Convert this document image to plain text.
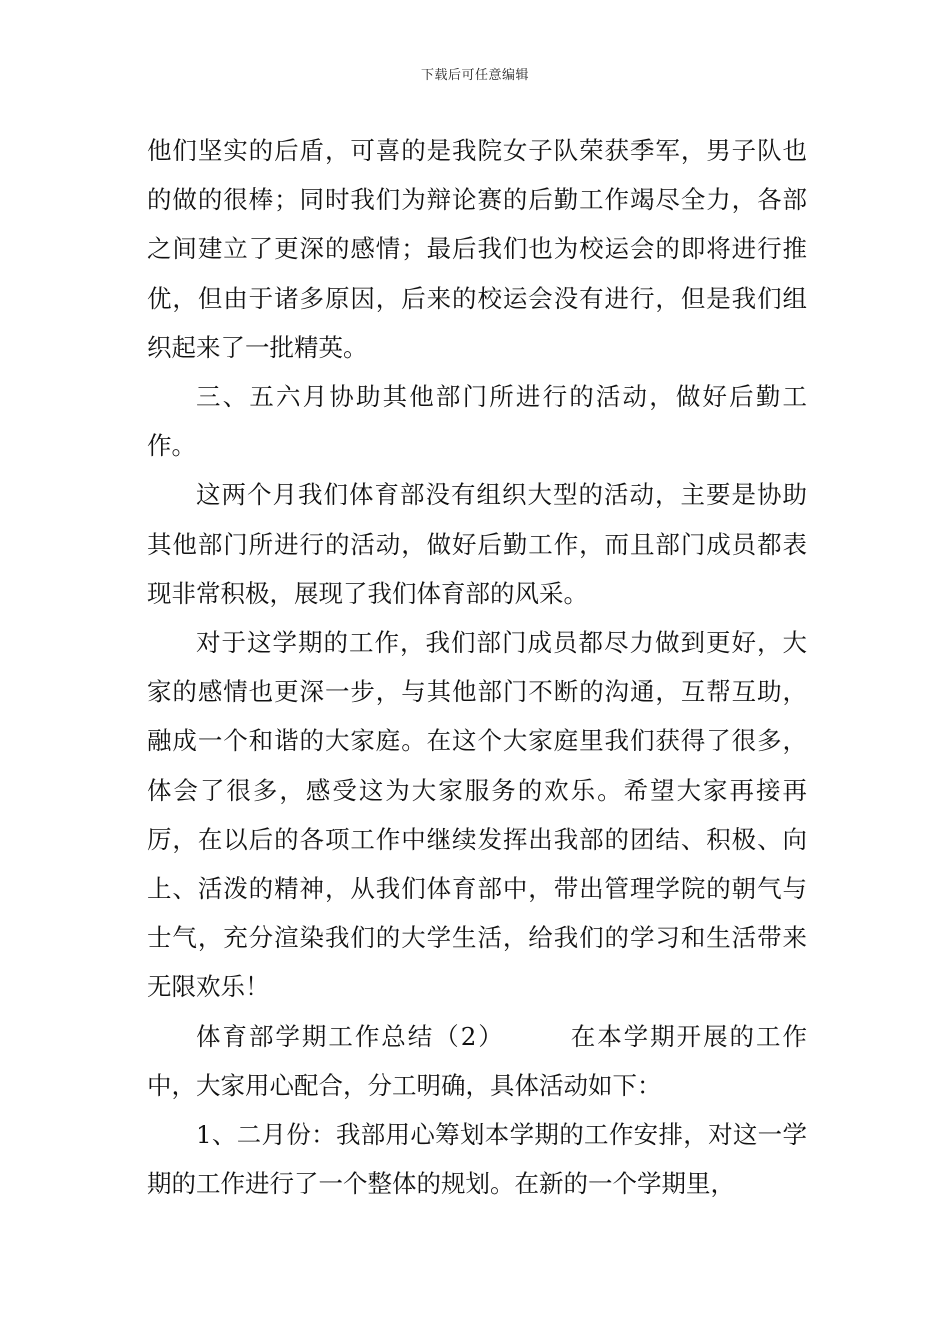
下载后可任意编辑

他们坚实的后盾，可喜的是我院女子队荣获季军，男子队也的做的很棒；同时我们为辩论赛的后勤工作竭尽全力，各部之间建立了更深的感情；最后我们也为校运会的即将进行推优，但由于诸多原因，后来的校运会没有进行，但是我们组织起来了一批精英。

三、五六月协助其他部门所进行的活动，做好后勤工作。

这两个月我们体育部没有组织大型的活动，主要是协助其他部门所进行的活动，做好后勤工作，而且部门成员都表现非常积极，展现了我们体育部的风采。

对于这学期的工作，我们部门成员都尽力做到更好，大家的感情也更深一步，与其他部门不断的沟通，互帮互助，融成一个和谐的大家庭。在这个大家庭里我们获得了很多，体会了很多，感受这为大家服务的欢乐。希望大家再接再厉，在以后的各项工作中继续发挥出我部的团结、积极、向上、活泼的精神，从我们体育部中，带出管理学院的朝气与士气，充分渲染我们的大学生活，给我们的学习和生活带来无限欢乐！

体育部学期工作总结（2）	在本学期开展的工作中，大家用心配合，分工明确，具体活动如下：

1、二月份：我部用心筹划本学期的工作安排，对这一学期的工作进行了一个整体的规划。在新的一个学期里，
